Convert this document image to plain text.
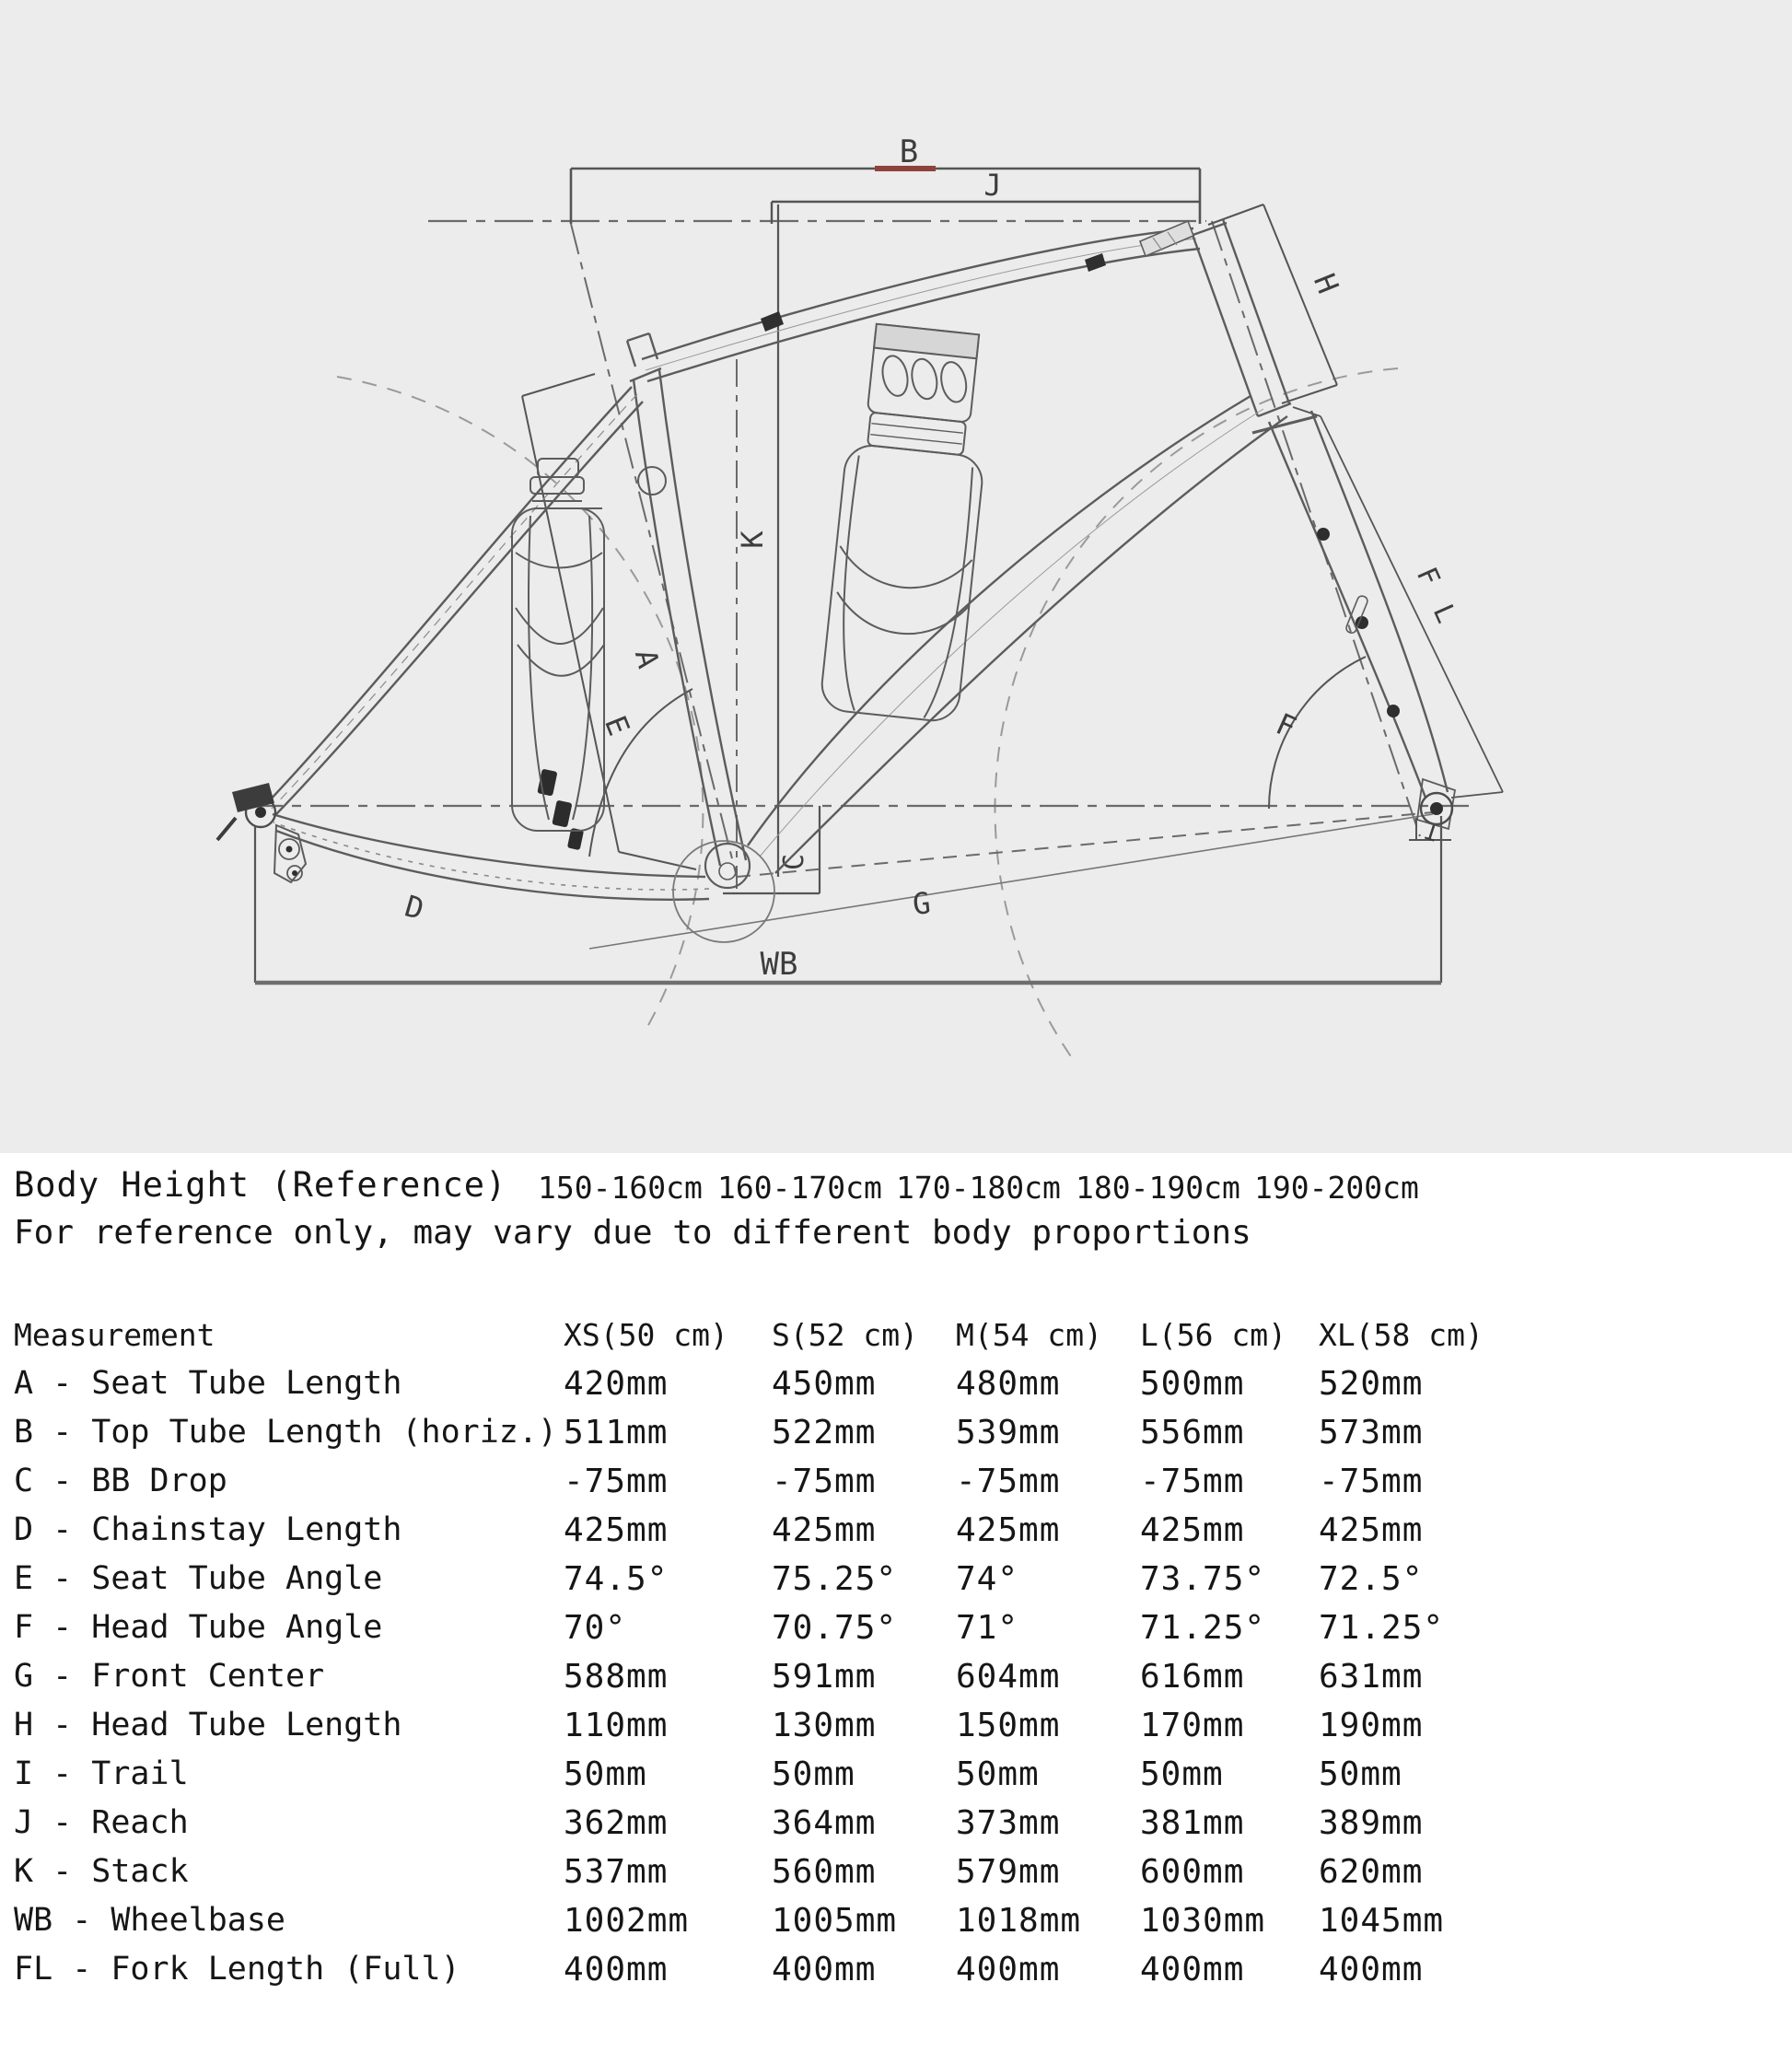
B
J
K
A
E	F
G
C
D
WB
I
H
FL
Body Height (Reference) 150-160cm 160-170cm 170-180cm 180-190cm 190-200cm
For reference only, may vary due to different body proportions
Measurement	XS(50 cm) S(52 cm) M(54 cm) L(56 cm) XL(58 cm)
A - Seat Tube Length	420mm	450mm 480mm 500mm 520mm
B - Top Tube Length (horiz.) 511mm	522mm 539mm 556mm 573mm
C - BB Drop	-75mm	-75mm -75mm -75mm -75mm
D - Chainstay Length	425mm	425mm 425mm 425mm 425mm
E - Seat Tube Angle	74.5°	75.25° 74°	73.75° 72.5°
F - Head Tube Angle	70°	70.75° 71°	71.25° 71.25°
G - Front Center	588mm	591mm 604mm 616mm 631mm
H - Head Tube Length	110mm	130mm 150mm 170mm 190mm
I - Trail	50mm	50mm	50mm	50mm	50mm
J - Reach	362mm	364mm 373mm 381mm 389mm
K - Stack	537mm	560mm 579mm 600mm 620mm
WB - Wheelbase	1002mm 1005mm 1018mm 1030mm 1045mm
FL - Fork Length (Full)	400mm	400mm 400mm 400mm 400mm
